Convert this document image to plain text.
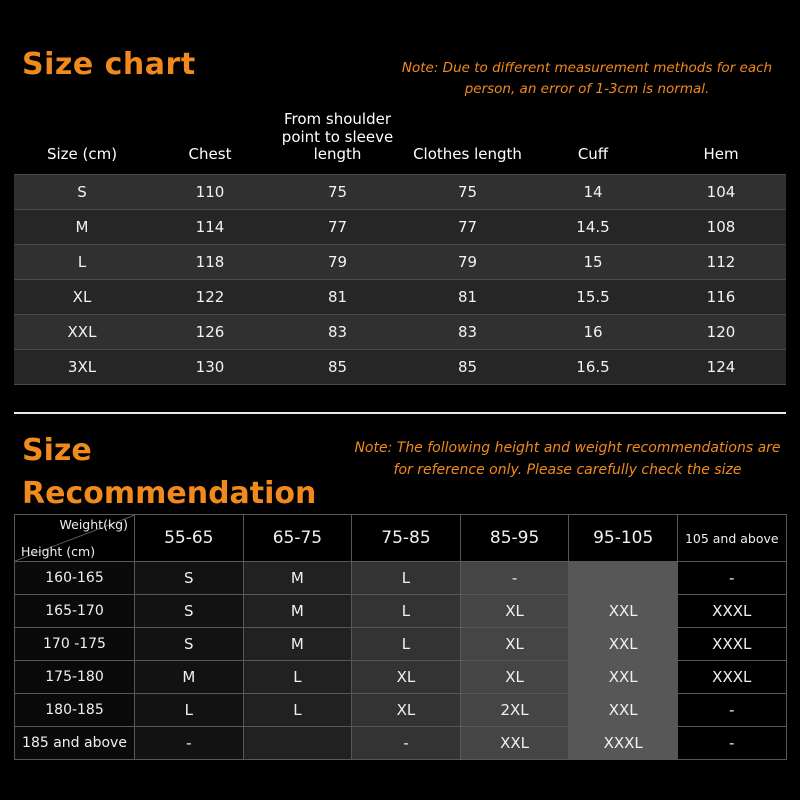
Size chart	Note: Due to different measurement methods for each person, an error of 1-3cm is normal.
Size (cm)	Chest	From shoulder point to sleeve length	Clothes length	Cuff	Hem
S	110	75	75	14	104
M	114	77	77	14.5	108
L	118	79	79	15	112
XL	122	81	81	15.5	116
XXL	126	83	83	16	120
3XL	130	85	85	16.5	124
Size Recommendation
Note: The following height and weight recommendations are for reference only. Please carefully check the size
Weight(kg)
Height (cm)	55-65	65-75	75-85	85-95	95-105	105 and above
160-165	S	M	L	-		-
165-170	S	M	L	XL	XXL	XXXL
170 -175	S	M	L	XL	XXL	XXXL
175-180	M	L	XL	XL	XXL	XXXL
180-185	L	L	XL	2XL	XXL	-
185 and above	-		-	XXL	XXXL	-
